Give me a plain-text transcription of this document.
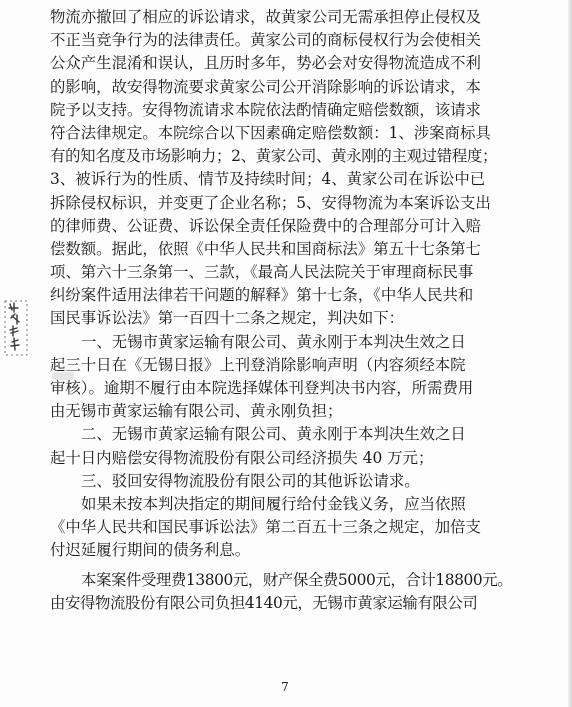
物流亦撤回了相应的诉讼请求，故黄家公司无需承担停止侵权及
不正当竞争行为的法律责任。黄家公司的商标侵权行为会使相关
公众产生混淆和误认，且历时多年，势必会对安得物流造成不利
的影响，故安得物流要求黄家公司公开消除影响的诉讼请求，本
院予以支持。安得物流请求本院依法酌情确定赔偿数额，该请求
符合法律规定。本院综合以下因素确定赔偿数额：1、涉案商标具
有的知名度及市场影响力；2、黄家公司、黄永刚的主观过错程度；
3、被诉行为的性质、情节及持续时间；4、黄家公司在诉讼中已
拆除侵权标识，并变更了企业名称；5、安得物流为本案诉讼支出
的律师费、公证费、诉讼保全责任保险费中的合理部分可计入赔
偿数额。据此，依照《中华人民共和国商标法》第五十七条第七
项、第六十三条第一、三款，《最高人民法院关于审理商标民事
纠纷案件适用法律若干问题的解释》第十七条，《中华人民共和
国民事诉讼法》第一百四十二条之规定，判决如下：
一、无锡市黄家运输有限公司、黄永刚于本判决生效之日
起三十日在《无锡日报》上刊登消除影响声明（内容须经本院
审核）。逾期不履行由本院选择媒体刊登判决书内容，所需费用
由无锡市黄家运输有限公司、黄永刚负担；
二、无锡市黄家运输有限公司、黄永刚于本判决生效之日
起十日内赔偿安得物流股份有限公司经济损失 40 万元；
三、驳回安得物流股份有限公司的其他诉讼请求。
如果未按本判决指定的期间履行给付金钱义务，应当依照
《中华人民共和国民事诉讼法》第二百五十三条之规定，加倍支
付迟延履行期间的债务利息。
本案案件受理费13800元，财产保全费5000元，合计18800元。
由安得物流股份有限公司负担4140元，无锡市黄家运输有限公司
7
